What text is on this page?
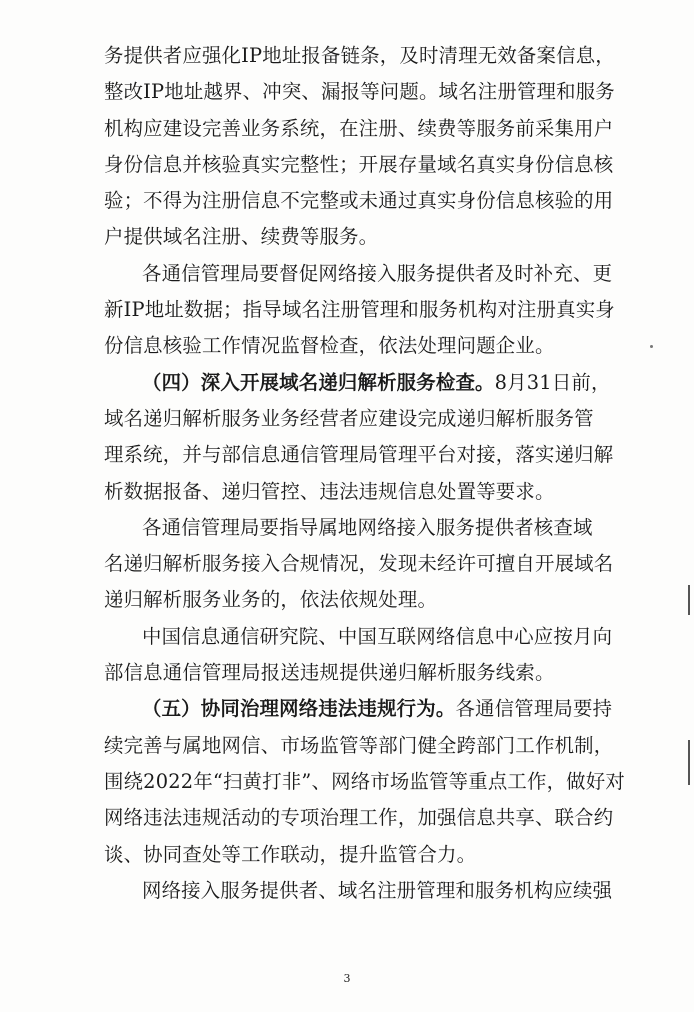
务提供者应强化IP地址报备链条，及时清理无效备案信息，
整改IP地址越界、冲突、漏报等问题。域名注册管理和服务
机构应建设完善业务系统，在注册、续费等服务前采集用户
身份信息并核验真实完整性；开展存量域名真实身份信息核
验；不得为注册信息不完整或未通过真实身份信息核验的用
户提供域名注册、续费等服务。
各通信管理局要督促网络接入服务提供者及时补充、更
新IP地址数据；指导域名注册管理和服务机构对注册真实身
份信息核验工作情况监督检查，依法处理问题企业。
（四）深入开展域名递归解析服务检查。8月31日前，
域名递归解析服务业务经营者应建设完成递归解析服务管
理系统，并与部信息通信管理局管理平台对接，落实递归解
析数据报备、递归管控、违法违规信息处置等要求。
各通信管理局要指导属地网络接入服务提供者核查域
名递归解析服务接入合规情况，发现未经许可擅自开展域名
递归解析服务业务的，依法依规处理。
中国信息通信研究院、中国互联网络信息中心应按月向
部信息通信管理局报送违规提供递归解析服务线索。
（五）协同治理网络违法违规行为。各通信管理局要持
续完善与属地网信、市场监管等部门健全跨部门工作机制，
围绕2022年“扫黄打非”、网络市场监管等重点工作，做好对
网络违法违规活动的专项治理工作，加强信息共享、联合约
谈、协同查处等工作联动，提升监管合力。
网络接入服务提供者、域名注册管理和服务机构应续强
3
